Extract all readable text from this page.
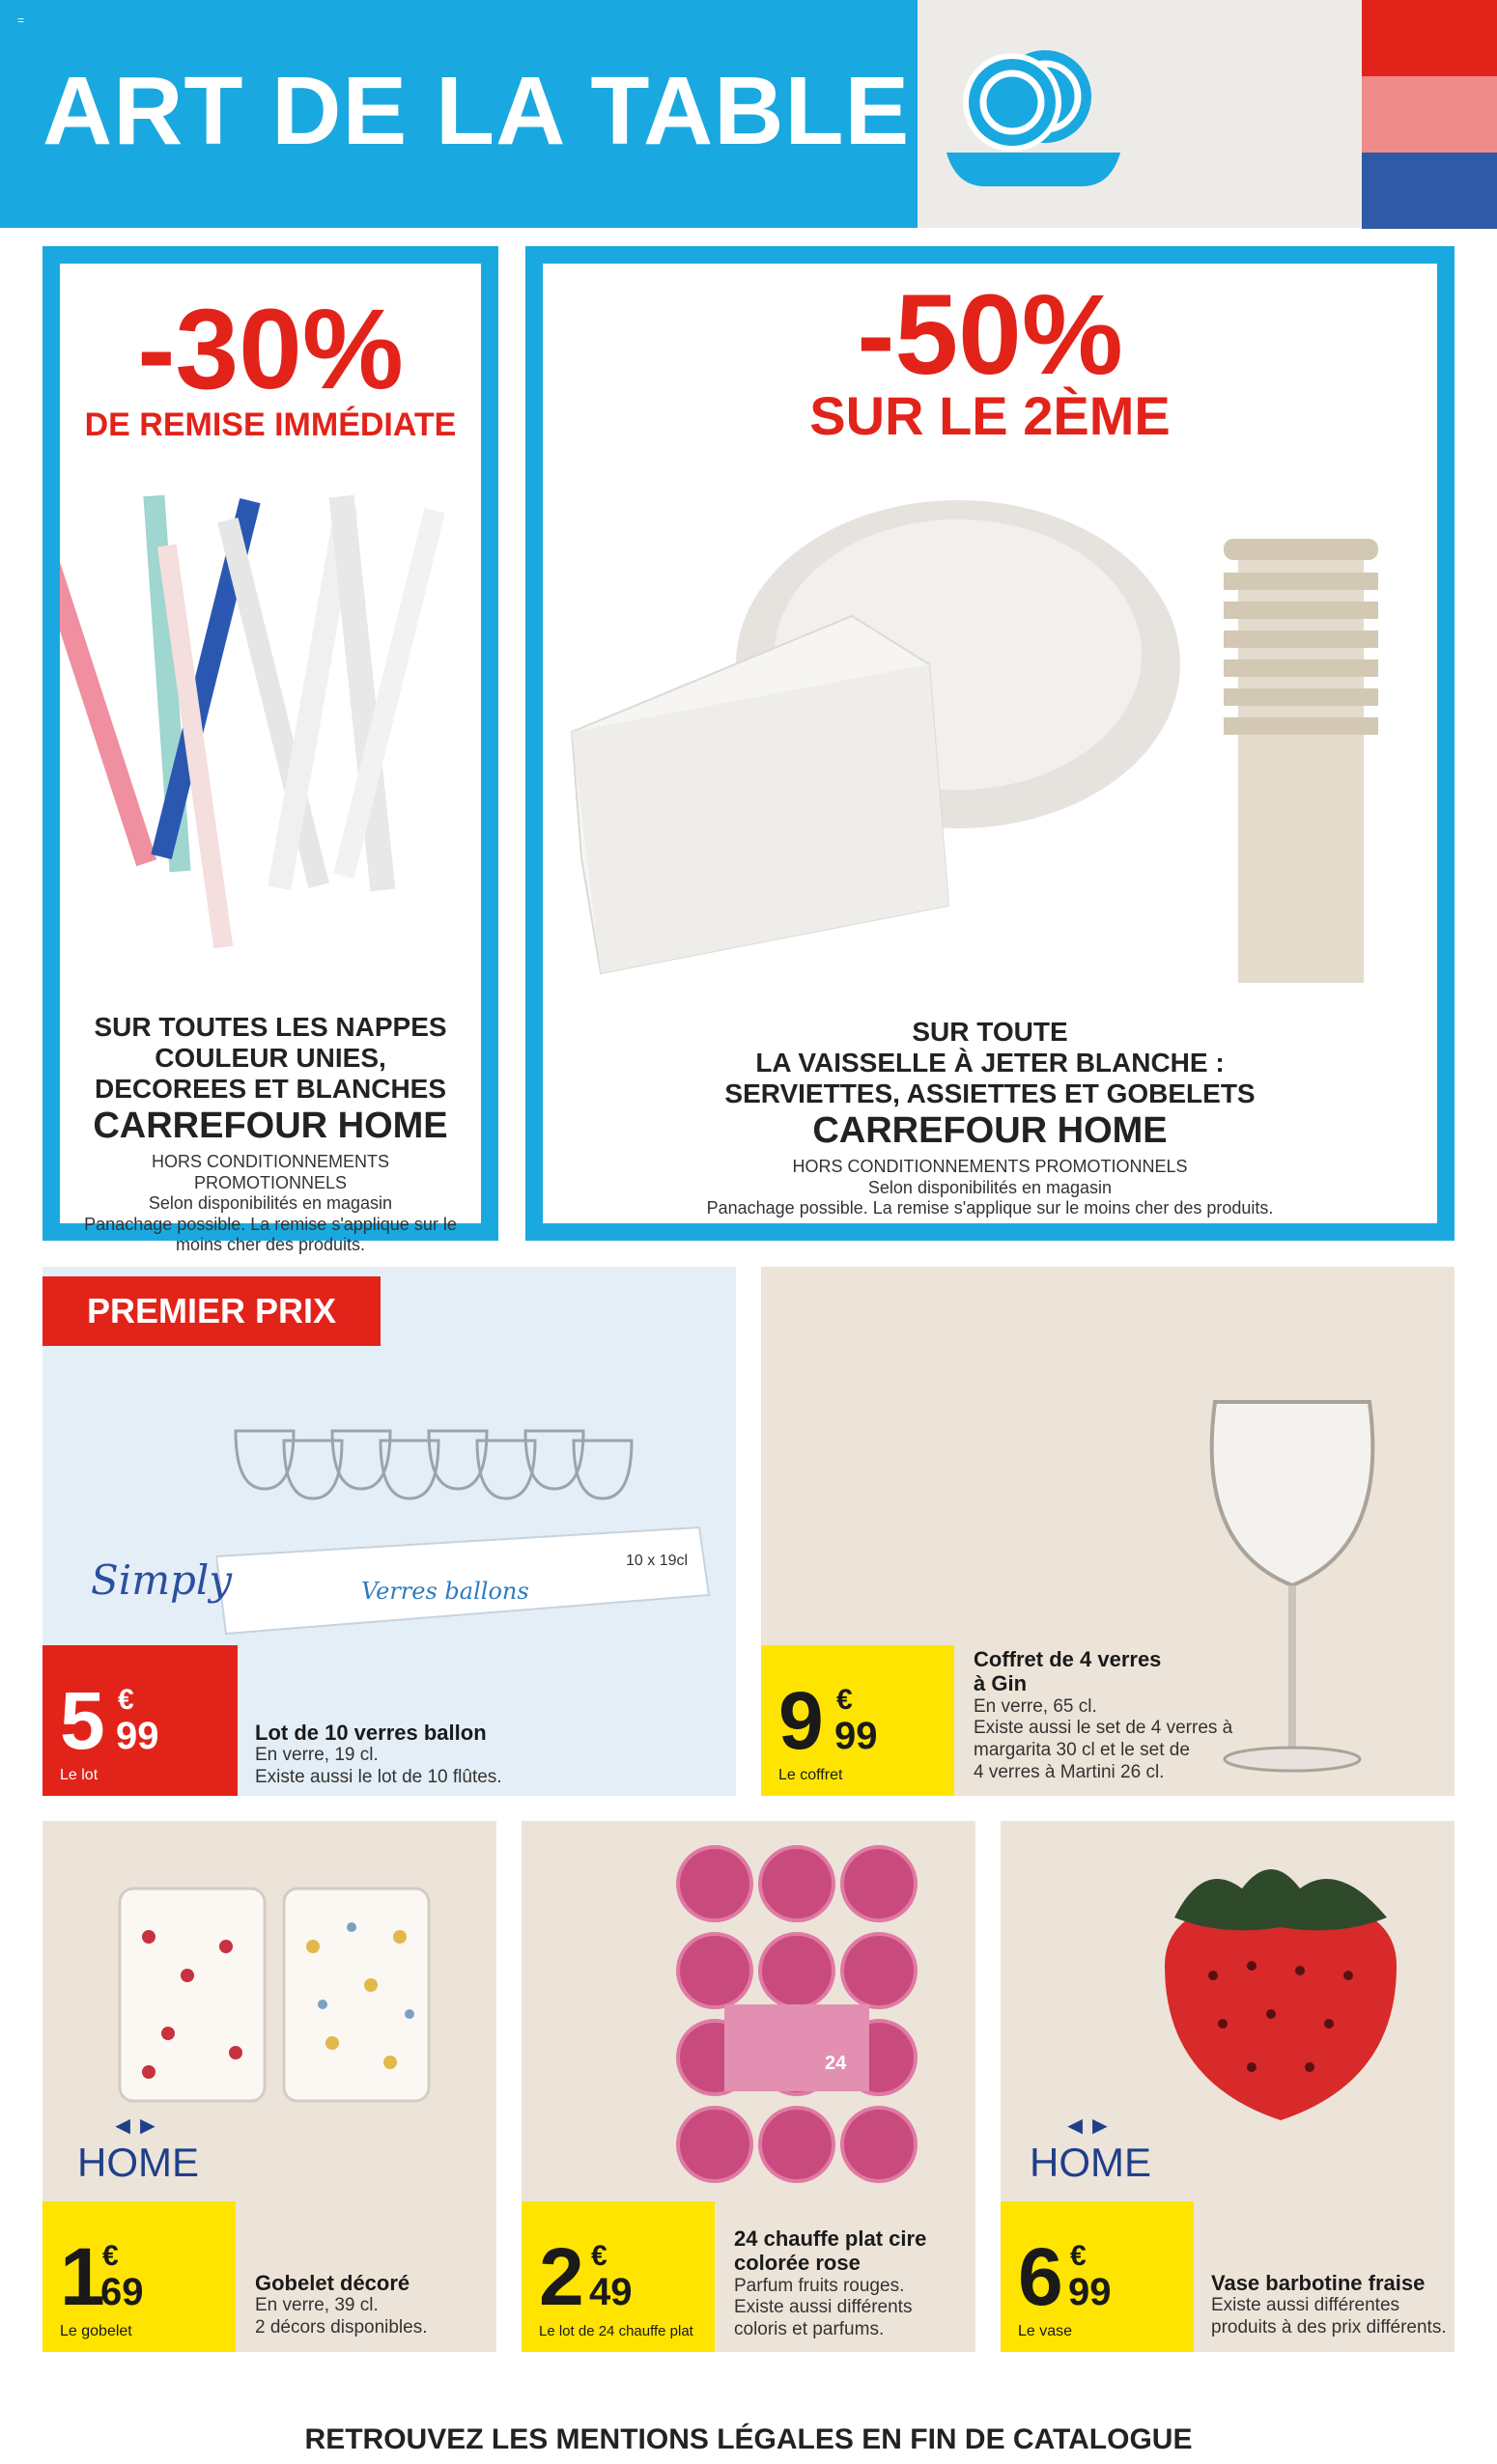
=
ART DE LA TABLE
-30%
DE REMISE IMMÉDIATE
SUR TOUTES LES NAPPES
COULEUR UNIES,
DECOREES ET BLANCHES
CARREFOUR HOME
HORS CONDITIONNEMENTS PROMOTIONNELS
Selon disponibilités en magasin
Panachage possible. La remise s'applique sur le moins cher des produits.
-50%
SUR LE 2ÈME
SUR TOUTE
LA VAISSELLE À JETER BLANCHE :
SERVIETTES, ASSIETTES ET GOBELETS
CARREFOUR HOME
HORS CONDITIONNEMENTS PROMOTIONNELS
Selon disponibilités en magasin
Panachage possible. La remise s'applique sur le moins cher des produits.
PREMIER PRIX
Verres ballons
10 x 19cl
Simply
5 €
99
Le lot
Lot de 10 verres ballon
En verre, 19 cl.
Existe aussi le lot de 10 flûtes.
9 €
99
Le coffret
Coffret de 4 verres
à Gin
En verre, 65 cl.
Existe aussi le set de 4 verres à
margarita 30 cl et le set de
4 verres à Martini 26 cl.
◄►
HOME
1
€
69
Le gobelet
Gobelet décoré
En verre, 39 cl.
2 décors disponibles.
24
2 €
49
Le lot de 24 chauffe plat
24 chauffe plat cire
colorée rose
Parfum fruits rouges.
Existe aussi différents
coloris et parfums.
◄►
HOME
6 €
99
Le vase
Vase barbotine fraise
Existe aussi différentes
produits à des prix différents.
RETROUVEZ LES MENTIONS LÉGALES EN FIN DE CATALOGUE
